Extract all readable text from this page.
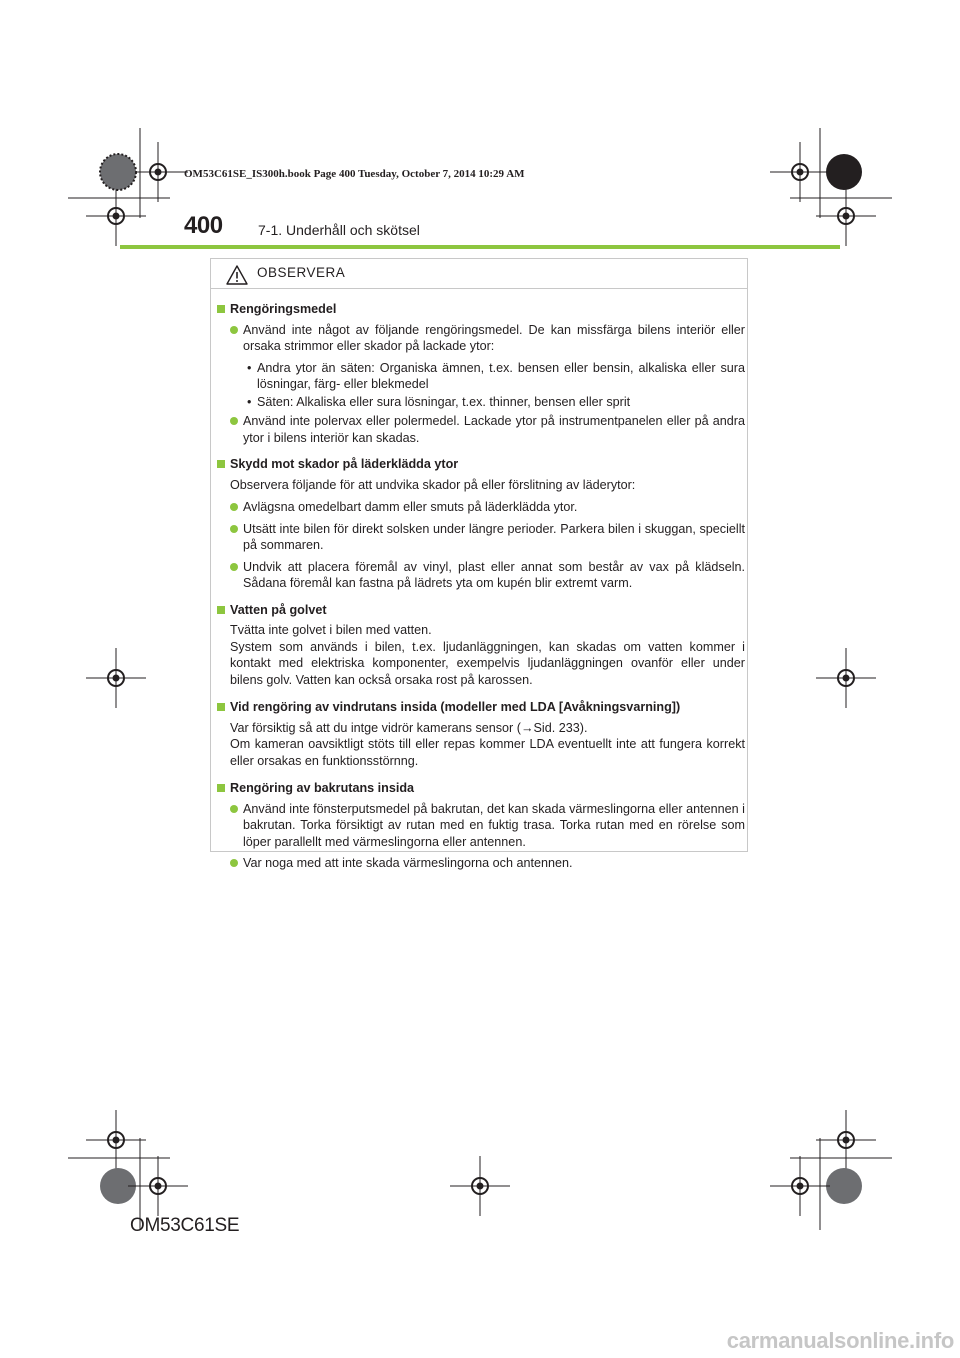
OM53C61SE_IS300h.book Page 400 Tuesday, October 7, 2014 10:29 AM
400	7-1. Underhåll och skötsel
OBSERVERA
Rengöringsmedel
Använd inte något av följande rengöringsmedel. De kan missfärga bilens interiör eller orsaka strimmor eller skador på lackade ytor:
• Andra ytor än säten: Organiska ämnen, t.ex. bensen eller bensin, alkaliska eller sura lösningar, färg- eller blekmedel
• Säten: Alkaliska eller sura lösningar, t.ex. thinner, bensen eller sprit
Använd inte polervax eller polermedel. Lackade ytor på instrumentpanelen eller på andra ytor i bilens interiör kan skadas.
Skydd mot skador på läderklädda ytor
Observera följande för att undvika skador på eller förslitning av läderytor:
Avlägsna omedelbart damm eller smuts på läderklädda ytor.
Utsätt inte bilen för direkt solsken under längre perioder. Parkera bilen i skuggan, speciellt på sommaren.
Undvik att placera föremål av vinyl, plast eller annat som består av vax på klädseln. Sådana föremål kan fastna på lädrets yta om kupén blir extremt varm.
Vatten på golvet
Tvätta inte golvet i bilen med vatten.
System som används i bilen, t.ex. ljudanläggningen, kan skadas om vatten kommer i kontakt med elektriska komponenter, exempelvis ljudanläggningen ovanför eller under bilens golv. Vatten kan också orsaka rost på karossen.
Vid rengöring av vindrutans insida (modeller med LDA [Avåkningsvarning])
Var försiktig så att du intge vidrör kamerans sensor (→Sid. 233).
Om kameran oavsiktligt stöts till eller repas kommer LDA eventuellt inte att fungera korrekt eller orsakas en funktionsstörnng.
Rengöring av bakrutans insida
Använd inte fönsterputsmedel på bakrutan, det kan skada värmeslingorna eller antennen i bakrutan. Torka försiktigt av rutan med en fuktig trasa. Torka rutan med en rörelse som löper parallellt med värmeslingorna eller antennen.
Var noga med att inte skada värmeslingorna och antennen.
OM53C61SE
carmanualsonline.info
